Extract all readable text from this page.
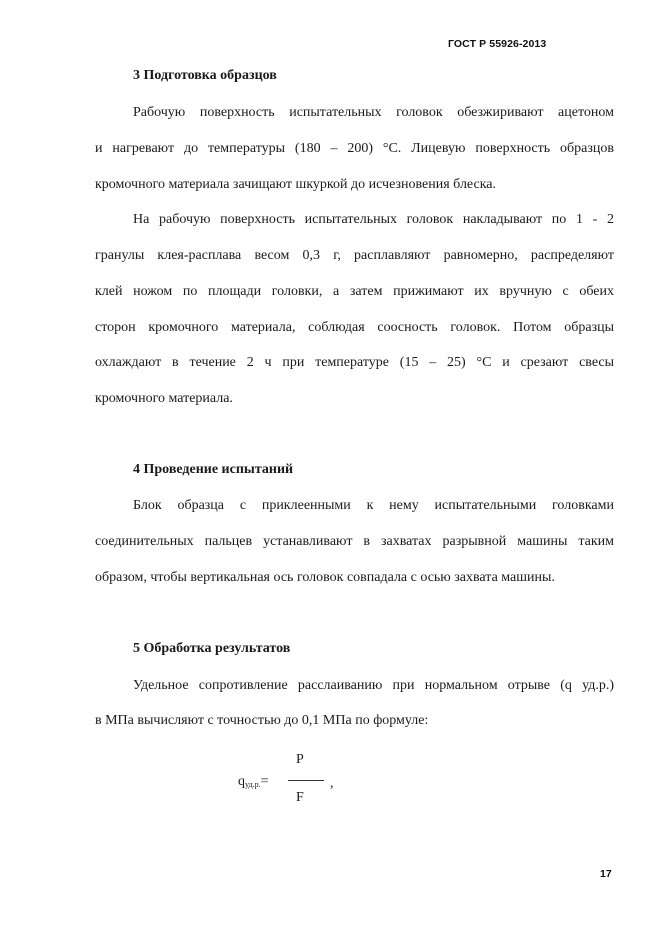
ГОСТ Р 55926-2013
3 Подготовка образцов
Рабочую поверхность испытательных головок обезжиривают ацетоном
и нагревают до температуры (180 – 200) °С. Лицевую поверхность образцов
кромочного материала зачищают шкуркой до исчезновения блеска.
На рабочую поверхность испытательных головок накладывают по 1 - 2
гранулы клея-расплава весом 0,3 г, расплавляют равномерно, распределяют
клей ножом по площади головки, а затем прижимают их вручную с обеих
сторон кромочного материала, соблюдая соосность головок. Потом образцы
охлаждают в течение 2 ч при температуре (15 – 25) °С и срезают свесы
кромочного материала.
4 Проведение испытаний
Блок образца с приклеенными к нему испытательными головками
соединительных пальцев устанавливают в захватах разрывной машины таким
образом, чтобы вертикальная ось головок совпадала с осью захвата машины.
5 Обработка результатов
Удельное сопротивление расслаиванию при нормальном отрыве (q уд.р.)
в МПа вычисляют с точностью до 0,1 МПа по формуле:
$q_{уд.р.}=$
P
F
,
17
